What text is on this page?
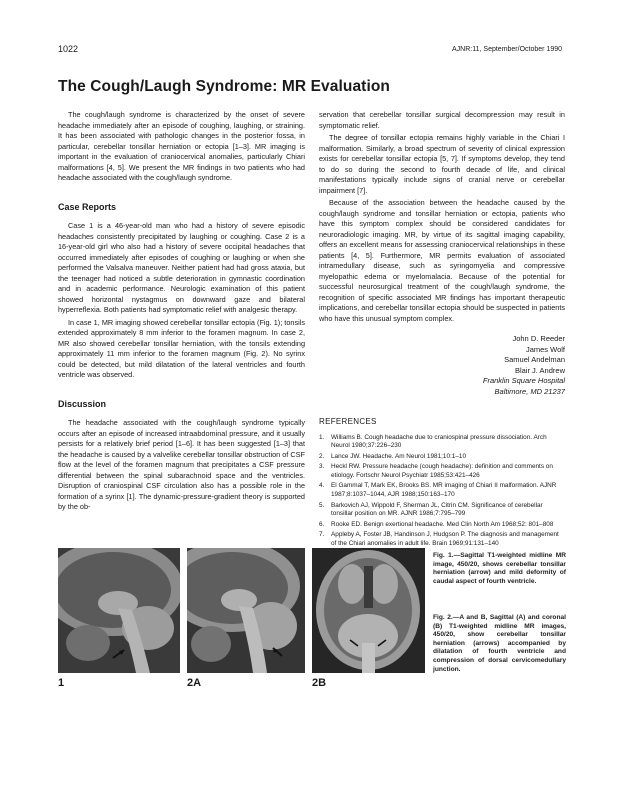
1022	AJNR:11, September/October 1990
The Cough/Laugh Syndrome: MR Evaluation

The cough/laugh syndrome is characterized by the onset of severe headache immediately after an episode of coughing, laughing, or straining. It has been associated with pathologic changes in the posterior fossa, in particular, cerebellar tonsillar herniation or ectopia [1–3]. MR imaging is important in the evaluation of craniocervical anomalies, particularly Chiari malformations [4, 5]. We present the MR findings in two patients who had headache associated with the cough/laugh syndrome.

Case Reports

Case 1 is a 46-year-old man who had a history of severe episodic headaches consistently precipitated by laughing or coughing. Case 2 is a 16-year-old girl who also had a history of severe occipital headaches that occurred immediately after episodes of coughing or laughing or when she performed the Valsalva maneuver. Neither patient had had gross ataxia, but the teenager had noticed a subtle deterioration in gymnastic coordination and in academic performance. Neurologic examination of this patient showed horizontal nystagmus on downward gaze and bilateral hyperreflexia. Both patients had symptomatic relief with analgesic therapy.

In case 1, MR imaging showed cerebellar tonsillar ectopia (Fig. 1); tonsils extended approximately 8 mm inferior to the foramen magnum. In case 2, MR also showed cerebellar tonsillar herniation, with the tonsils extending approximately 11 mm inferior to the foramen magnum (Fig. 2). No syrinx could be detected, but mild dilatation of the lateral ventricles and fourth ventricle was observed.

Discussion

The headache associated with the cough/laugh syndrome typically occurs after an episode of increased intraabdominal pressure, and it usually persists for a relatively brief period [1–6]. It has been suggested [1–3] that the headache is caused by a valvelike cerebellar tonsillar obstruction of CSF flow at the level of the foramen magnum that precipitates a CSF pressure differential between the spinal subarachnoid space and the ventricles. Disruption of craniospinal CSF circulation also has a possible role in the formation of a syrinx [1]. The dynamic-pressure-gradient theory is supported by the ob-

servation that cerebellar tonsillar surgical decompression may result in symptomatic relief.

The degree of tonsillar ectopia remains highly variable in the Chiari I malformation. Similarly, a broad spectrum of severity of clinical expression exists for cerebellar tonsillar ectopia [5, 7]. If symptoms develop, they tend to do so during the second to fourth decade of life, and clinical manifestations typically include signs of cranial nerve or cerebellar impairment [7].

Because of the association between the headache caused by the cough/laugh syndrome and tonsillar herniation or ectopia, patients who have this symptom complex should be considered candidates for neuroradiologic imaging. MR, by virtue of its sagittal imaging capability, offers an excellent means for assessing craniocervical relationships in these patients [4, 5]. Furthermore, MR permits evaluation of associated intramedullary disease, such as syringomyelia and compressive myelopathic edema or myelomalacia. Because of the potential for successful neurosurgical treatment of the cough/laugh syndrome, the recognition of specific associated MR findings has important therapeutic implications, and cerebellar tonsillar ectopia should be suspected in patients who have this unusual symptom complex.

John D. Reeder
James Wolf
Samuel Andelman
Blair J. Andrew
Franklin Square Hospital
Baltimore, MD 21237
REFERENCES
1. Williams B. Cough headache due to craniospinal pressure dissociation. Arch Neurol 1980;37:226–230
2. Lance JW. Headache. Am Neurol 1981;10:1–10
3. Heckl RW. Pressure headache (cough headache): definition and comments on etiology. Fortschr Neurol Psychiatr 1985;53:421–426
4. El Gammal T, Mark EK, Brooks BS. MR imaging of Chiari II malformation. AJNR 1987;8:1037–1044, AJR 1988;150:163–170
5. Barkovich AJ, Wippold F, Sherman JL, Citrin CM. Significance of cerebellar tonsillar position on MR. AJNR 1986;7:795–799
6. Rooke ED. Benign exertional headache. Med Clin North Am 1968;52: 801–808
7. Appleby A, Foster JB, Handinson J, Hudgson P. The diagnosis and management of the Chiari anomalies in adult life. Brain 1969;91:131–140
1	2A	2B
Fig. 1.—Sagittal T1-weighted midline MR image, 450/20, shows cerebellar tonsillar herniation (arrow) and mild deformity of caudal aspect of fourth ventricle.
Fig. 2.—A and B, Sagittal (A) and coronal (B) T1-weighted midline MR images, 450/20, show cerebellar tonsillar herniation (arrows) accompanied by dilatation of fourth ventricle and compression of dorsal cervicomedullary junction.
